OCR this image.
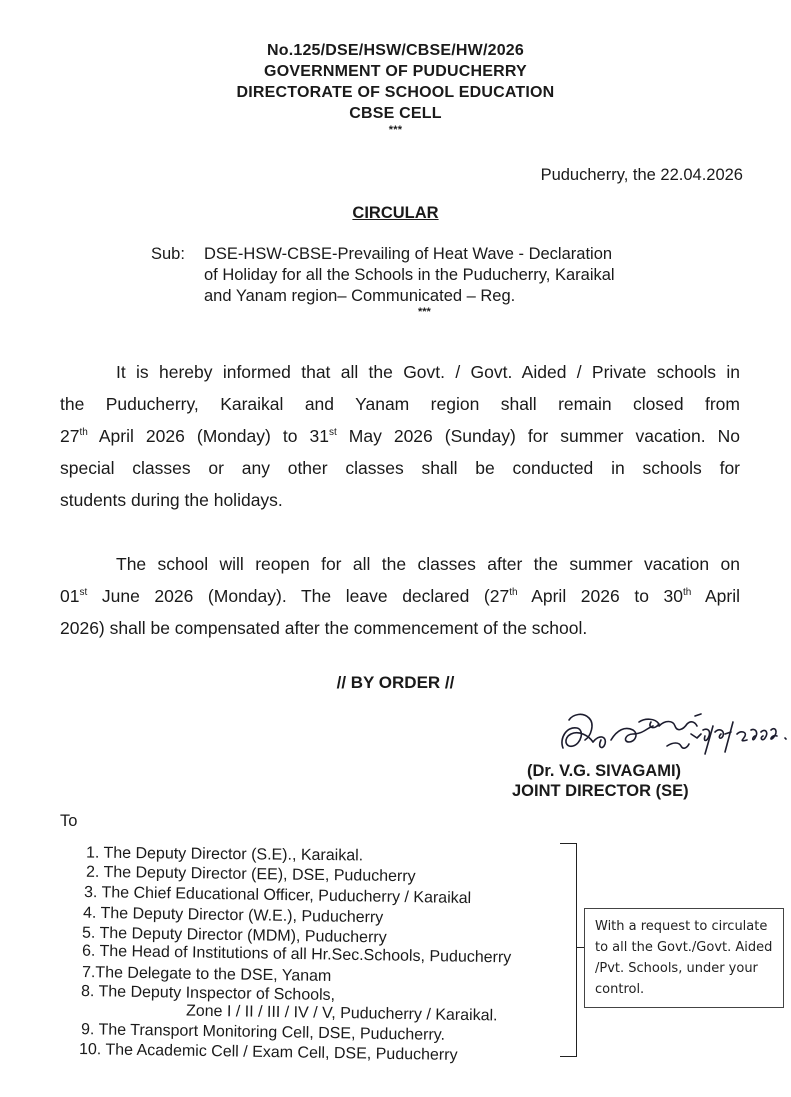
No.125/DSE/HSW/CBSE/HW/2026
GOVERNMENT OF PUDUCHERRY
DIRECTORATE OF SCHOOL EDUCATION
CBSE CELL
***
Puducherry, the 22.04.2026
CIRCULAR
Sub: DSE-HSW-CBSE-Prevailing of Heat Wave - Declaration
of Holiday for all the Schools in the Puducherry, Karaikal
and Yanam region– Communicated – Reg.
***

It is hereby informed that all the Govt. / Govt. Aided / Private schools in

the Puducherry, Karaikal and Yanam region shall remain closed from

27th April 2026 (Monday) to 31st May 2026 (Sunday) for summer vacation. No

special classes or any other classes shall be conducted in schools for

students during the holidays.

The school will reopen for all the classes after the summer vacation on

01st June 2026 (Monday). The leave declared (27th April 2026 to 30th April

2026) shall be compensated after the commencement of the school.

// BY ORDER //
(Dr. V.G. SIVAGAMI)
JOINT DIRECTOR (SE)
To
1. The Deputy Director (S.E)., Karaikal.
2. The Deputy Director (EE), DSE, Puducherry
3. The Chief Educational Officer, Puducherry / Karaikal
4. The Deputy Director (W.E.), Puducherry
5. The Deputy Director (MDM), Puducherry
6. The Head of Institutions of all Hr.Sec.Schools, Puducherry
7.The Delegate to the DSE, Yanam
8. The Deputy Inspector of Schools,
Zone I / II / III / IV / V, Puducherry / Karaikal.
9. The Transport Monitoring Cell, DSE, Puducherry.
10. The Academic Cell / Exam Cell, DSE, Puducherry
With a request to circulate
to all the Govt./Govt. Aided
/Pvt. Schools, under your
control.
